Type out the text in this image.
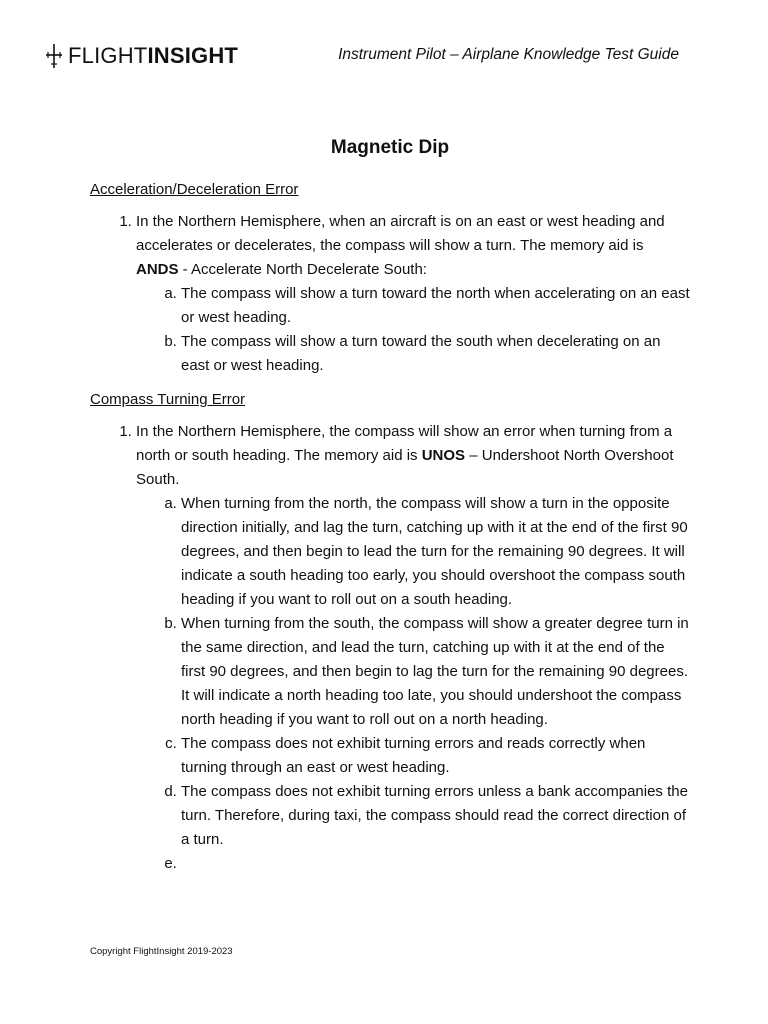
FLIGHT INSIGHT	Instrument Pilot – Airplane Knowledge Test Guide
Magnetic Dip
Acceleration/Deceleration Error
1. In the Northern Hemisphere, when an aircraft is on an east or west heading and accelerates or decelerates, the compass will show a turn. The memory aid is ANDS - Accelerate North Decelerate South:
a. The compass will show a turn toward the north when accelerating on an east or west heading.
b. The compass will show a turn toward the south when decelerating on an east or west heading.
Compass Turning Error
1. In the Northern Hemisphere, the compass will show an error when turning from a north or south heading. The memory aid is UNOS – Undershoot North Overshoot South.
a. When turning from the north, the compass will show a turn in the opposite direction initially, and lag the turn, catching up with it at the end of the first 90 degrees, and then begin to lead the turn for the remaining 90 degrees. It will indicate a south heading too early, you should overshoot the compass south heading if you want to roll out on a south heading.
b. When turning from the south, the compass will show a greater degree turn in the same direction, and lead the turn, catching up with it at the end of the first 90 degrees, and then begin to lag the turn for the remaining 90 degrees. It will indicate a north heading too late, you should undershoot the compass north heading if you want to roll out on a north heading.
c. The compass does not exhibit turning errors and reads correctly when turning through an east or west heading.
d. The compass does not exhibit turning errors unless a bank accompanies the turn. Therefore, during taxi, the compass should read the correct direction of a turn.
e.
Copyright FlightInsight 2019-2023
